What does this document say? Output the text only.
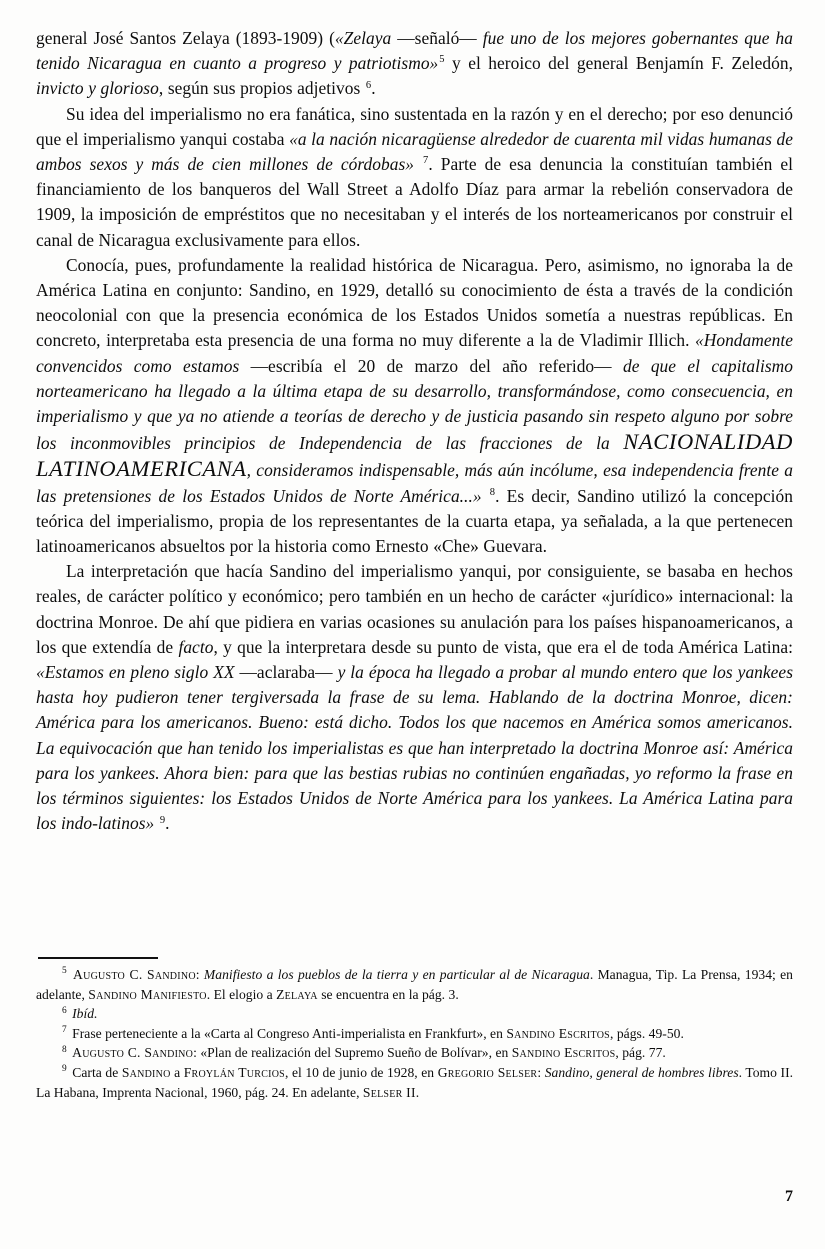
general José Santos Zelaya (1893-1909) («Zelaya —señaló— fue uno de los mejores gobernantes que ha tenido Nicaragua en cuanto a progreso y patriotismo»$^5$ y el heroico del general Benjamín F. Zeledón, invicto y glorioso, según sus propios adjetivos $^6$.

Su idea del imperialismo no era fanática, sino sustentada en la razón y en el derecho; por eso denunció que el imperialismo yanqui costaba «a la nación nicaragüense alrededor de cuarenta mil vidas humanas de ambos sexos y más de cien millones de córdobas» $^7$. Parte de esa denuncia la constituían también el financiamiento de los banqueros del Wall Street a Adolfo Díaz para armar la rebelión conservadora de 1909, la imposición de empréstitos que no necesitaban y el interés de los norteamericanos por construir el canal de Nicaragua exclusivamente para ellos.

Conocía, pues, profundamente la realidad histórica de Nicaragua. Pero, asimismo, no ignoraba la de América Latina en conjunto: Sandino, en 1929, detalló su conocimiento de ésta a través de la condición neocolonial con que la presencia económica de los Estados Unidos sometía a nuestras repúblicas. En concreto, interpretaba esta presencia de una forma no muy diferente a la de Vladimir Illich. «Hondamente convencidos como estamos —escribía el 20 de marzo del año referido— de que el capitalismo norteamericano ha llegado a la última etapa de su desarrollo, transformándose, como consecuencia, en imperialismo y que ya no atiende a teorías de derecho y de justicia pasando sin respeto alguno por sobre los inconmovibles principios de Independencia de las fracciones de la NACIONALIDAD LATINOAMERICANA, consideramos indispensable, más aún incólume, esa independencia frente a las pretensiones de los Estados Unidos de Norte América...» $^8$. Es decir, Sandino utilizó la concepción teórica del imperialismo, propia de los representantes de la cuarta etapa, ya señalada, a la que pertenecen latinoamericanos absueltos por la historia como Ernesto «Che» Guevara.

La interpretación que hacía Sandino del imperialismo yanqui, por consiguiente, se basaba en hechos reales, de carácter político y económico; pero también en un hecho de carácter «jurídico» internacional: la doctrina Monroe. De ahí que pidiera en varias ocasiones su anulación para los países hispanoamericanos, a los que extendía de facto, y que la interpretara desde su punto de vista, que era el de toda América Latina: «Estamos en pleno siglo XX —aclaraba— y la época ha llegado a probar al mundo entero que los yankees hasta hoy pudieron tener tergiversada la frase de su lema. Hablando de la doctrina Monroe, dicen: América para los americanos. Bueno: está dicho. Todos los que nacemos en América somos americanos. La equivocación que han tenido los imperialistas es que han interpretado la doctrina Monroe así: América para los yankees. Ahora bien: para que las bestias rubias no continúen engañadas, yo reformo la frase en los términos siguientes: los Estados Unidos de Norte América para los yankees. La América Latina para los indo-latinos» $^9$.

$^5$ Augusto C. Sandino: Manifiesto a los pueblos de la tierra y en particular al de Nicaragua. Managua, Tip. La Prensa, 1934; en adelante, Sandino Manifiesto. El elogio a Zelaya se encuentra en la pág. 3.

$^6$ Ibíd.

$^7$ Frase perteneciente a la «Carta al Congreso Anti-imperialista en Frankfurt», en Sandino Escritos, págs. 49-50.

$^8$ Augusto C. Sandino: «Plan de realización del Supremo Sueño de Bolívar», en Sandino Escritos, pág. 77.

$^9$ Carta de Sandino a Froylán Turcios, el 10 de junio de 1928, en Gregorio Selser: Sandino, general de hombres libres. Tomo II. La Habana, Imprenta Nacional, 1960, pág. 24. En adelante, Selser II.

7
